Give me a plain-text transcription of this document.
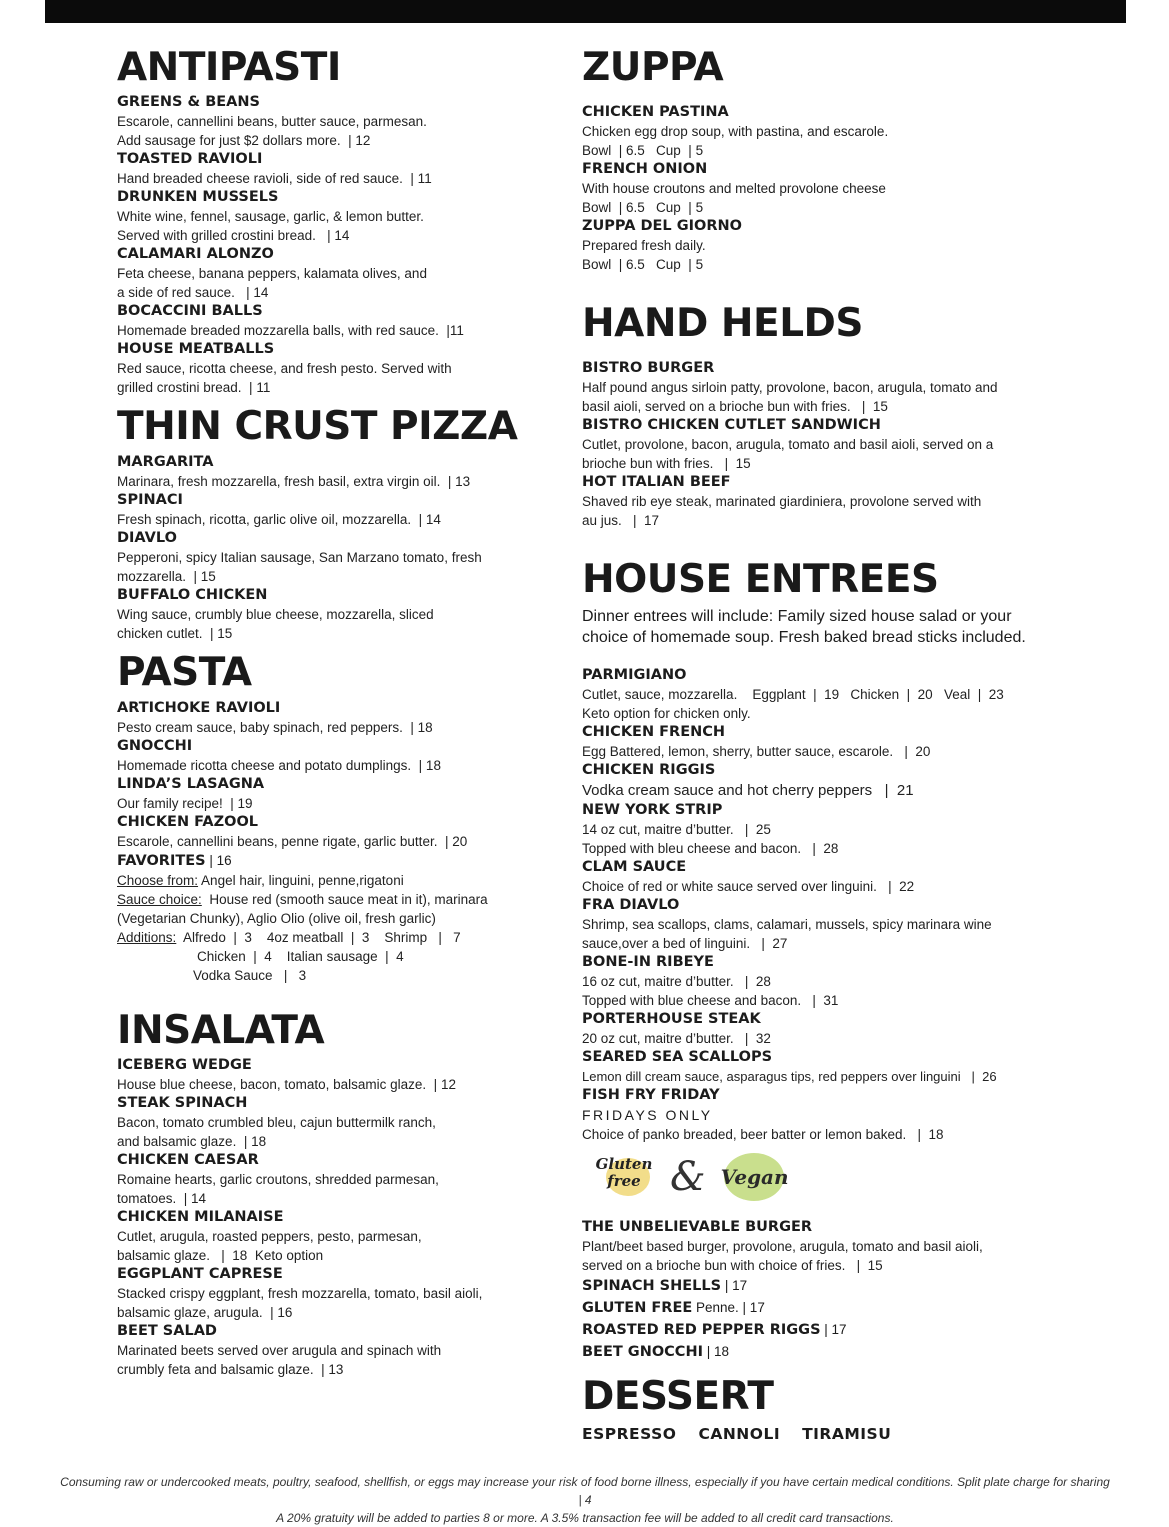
ANTIPASTI

GREENS & BEANS

Escarole, cannellini beans, butter sauce, parmesan.
Add sausage for just $2 dollars more.  | 12

TOASTED RAVIOLI

Hand breaded cheese ravioli, side of red sauce.  | 11

DRUNKEN MUSSELS

White wine, fennel, sausage, garlic, & lemon butter.
Served with grilled crostini bread.   | 14

CALAMARI ALONZO

Feta cheese, banana peppers, kalamata olives, and
a side of red sauce.   | 14

BOCACCINI BALLS

Homemade breaded mozzarella balls, with red sauce.  |11

HOUSE MEATBALLS

Red sauce, ricotta cheese, and fresh pesto. Served with
grilled crostini bread.  | 11

THIN CRUST PIZZA

MARGARITA

Marinara, fresh mozzarella, fresh basil, extra virgin oil.  | 13

SPINACI

Fresh spinach, ricotta, garlic olive oil, mozzarella.  | 14

DIAVLO

Pepperoni, spicy Italian sausage, San Marzano tomato, fresh
mozzarella.  | 15

BUFFALO CHICKEN

Wing sauce, crumbly blue cheese, mozzarella, sliced
chicken cutlet.  | 15

PASTA

ARTICHOKE RAVIOLI

Pesto cream sauce, baby spinach, red peppers.  | 18

GNOCCHI

Homemade ricotta cheese and potato dumplings.  | 18

LINDA’S LASAGNA

Our family recipe!  | 19

CHICKEN FAZOOL

Escarole, cannellini beans, penne rigate, garlic butter.  | 20

FAVORITES | 16

Choose from: Angel hair, linguini, penne,rigatoni

Sauce choice:  House red (smooth sauce meat in it), marinara (Vegetarian Chunky), Aglio Olio (olive oil, fresh garlic)

Additions:  Alfredo  |  3    4oz meatball  |  3    Shrimp   |   7

Chicken  |  4    Italian sausage  |  4

Vodka Sauce   |   3

INSALATA

ICEBERG WEDGE

House blue cheese, bacon, tomato, balsamic glaze.  | 12

STEAK SPINACH

Bacon, tomato crumbled bleu, cajun buttermilk ranch,
and balsamic glaze.  | 18

CHICKEN CAESAR

Romaine hearts, garlic croutons, shredded parmesan,
tomatoes.  | 14

CHICKEN MILANAISE

Cutlet, arugula, roasted peppers, pesto, parmesan,
balsamic glaze.   |  18  Keto option

EGGPLANT CAPRESE

Stacked crispy eggplant, fresh mozzarella, tomato, basil aioli,
balsamic glaze, arugula.  | 16

BEET SALAD

Marinated beets served over arugula and spinach with
crumbly feta and balsamic glaze.  | 13

ZUPPA

CHICKEN PASTINA

Chicken egg drop soup, with pastina, and escarole.
Bowl  | 6.5   Cup  | 5

FRENCH ONION

With house croutons and melted provolone cheese
Bowl  | 6.5   Cup  | 5

ZUPPA DEL GIORNO

Prepared fresh daily.
Bowl  | 6.5   Cup  | 5

HAND HELDS

BISTRO BURGER

Half pound angus sirloin patty, provolone, bacon, arugula, tomato and
basil aioli, served on a brioche bun with fries.   |  15

BISTRO CHICKEN CUTLET SANDWICH

Cutlet, provolone, bacon, arugula, tomato and basil aioli, served on a
brioche bun with fries.   |  15

HOT ITALIAN BEEF

Shaved rib eye steak, marinated giardiniera, provolone served with
au jus.   |  17

HOUSE ENTREES

Dinner entrees will include: Family sized house salad or your choice of homemade soup. Fresh baked bread sticks included.

PARMIGIANO

Cutlet, sauce, mozzarella.    Eggplant  |  19   Chicken  |  20   Veal  |  23
Keto option for chicken only.

CHICKEN FRENCH

Egg Battered, lemon, sherry, butter sauce, escarole.   |  20

CHICKEN RIGGIS

Vodka cream sauce and hot cherry peppers   |  21

NEW YORK STRIP

14 oz cut, maitre d’butter.   |  25
Topped with bleu cheese and bacon.   |  28

CLAM SAUCE

Choice of red or white sauce served over linguini.   |  22

FRA DIAVLO

Shrimp, sea scallops, clams, calamari, mussels, spicy marinara wine
sauce,over a bed of linguini.   |  27

BONE-IN RIBEYE

16 oz cut, maitre d’butter.   |  28
Topped with blue cheese and bacon.   |  31

PORTERHOUSE STEAK

20 oz cut, maitre d’butter.   |  32

SEARED SEA SCALLOPS

Lemon dill cream sauce, asparagus tips, red peppers over linguini   |  26

FISH FRY FRIDAY

FRIDAYS ONLY

Choice of panko breaded, beer batter or lemon baked.   |  18

Gluten free & Vegan

THE UNBELIEVABLE BURGER

Plant/beet based burger, provolone, arugula, tomato and basil aioli,
served on a brioche bun with choice of fries.   |  15

SPINACH SHELLS | 17

GLUTEN FREE Penne. | 17

ROASTED RED PEPPER RIGGS | 17

BEET GNOCCHI | 18

DESSERT
ESPRESSO CANNOLI TIRAMISU

Consuming raw or undercooked meats, poultry, seafood, shellfish, or eggs may increase your risk of food borne illness, especially if you have certain medical conditions. Split plate charge for sharing | 4

A 20% gratuity will be added to parties 8 or more. A 3.5% transaction fee will be added to all credit card transactions.
